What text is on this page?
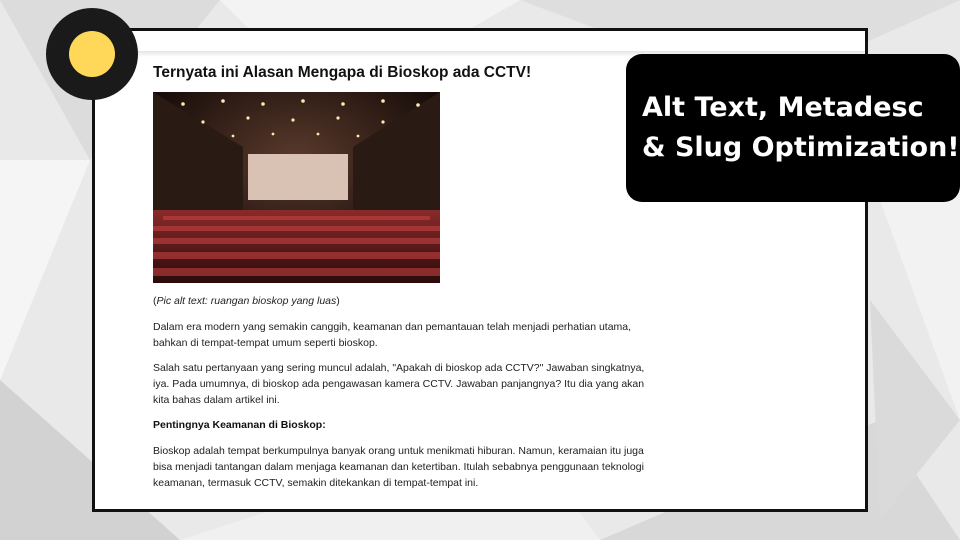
Ternyata ini Alasan Mengapa di Bioskop ada CCTV!
(Pic alt text: ruangan bioskop yang luas)

Dalam era modern yang semakin canggih, keamanan dan pemantauan telah menjadi perhatian utama, bahkan di tempat-tempat umum seperti bioskop.

Salah satu pertanyaan yang sering muncul adalah, "Apakah di bioskop ada CCTV?" Jawaban singkatnya, iya. Pada umumnya, di bioskop ada pengawasan kamera CCTV. Jawaban panjangnya? Itu dia yang akan kita bahas dalam artikel ini.

Pentingnya Keamanan di Bioskop:

Bioskop adalah tempat berkumpulnya banyak orang untuk menikmati hiburan. Namun, keramaian itu juga bisa menjadi tantangan dalam menjaga keamanan dan ketertiban. Itulah sebabnya penggunaan teknologi keamanan, termasuk CCTV, semakin ditekankan di tempat-tempat ini.

Alt Text, Metadesc
& Slug Optimization!
